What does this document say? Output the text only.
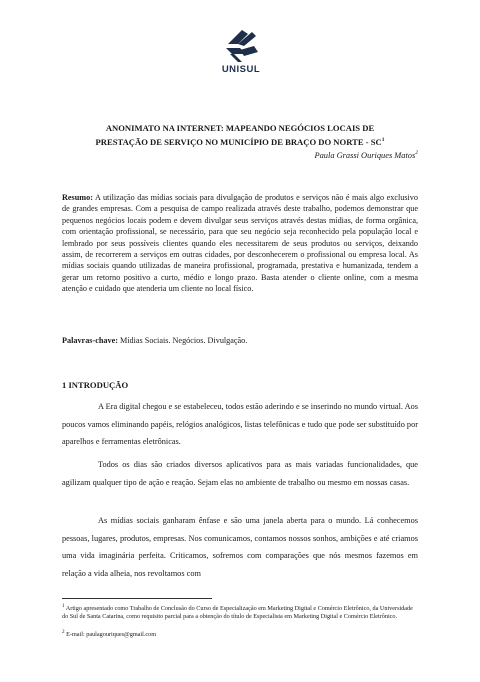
UNISUL
ANONIMATO NA INTERNET: MAPEANDO NEGÓCIOS LOCAIS DE
PRESTAÇÃO DE SERVIÇO NO MUNICÍPIO DE BRAÇO DO NORTE - $SC^1$
Paula Grassi Ouriques Matos$^2$
Resumo: A utilização das mídias sociais para divulgação de produtos e serviços não é mais algo exclusivo de grandes empresas. Com a pesquisa de campo realizada através deste trabalho, podemos demonstrar que pequenos negócios locais podem e devem divulgar seus serviços através destas mídias, de forma orgânica, com orientação profissional, se necessário, para que seu negócio seja reconhecido pela população local e lembrado por seus possíveis clientes quando eles necessitarem de seus produtos ou serviços, deixando assim, de recorrerem a serviços em outras cidades, por desconhecerem o profissional ou empresa local. As mídias sociais quando utilizadas de maneira profissional, programada, prestativa e humanizada, tendem a gerar um retorno positivo a curto, médio e longo prazo. Basta atender o cliente online, com a mesma atenção e cuidado que atenderia um cliente no local físico.
Palavras-chave: Mídias Sociais. Negócios. Divulgação.
1 INTRODUÇÃO
A Era digital chegou e se estabeleceu, todos estão aderindo e se inserindo no mundo virtual. Aos poucos vamos eliminando papéis, relógios analógicos, listas telefônicas e tudo que pode ser substituído por aparelhos e ferramentas eletrônicas.
Todos os dias são criados diversos aplicativos para as mais variadas funcionalidades, que agilizam qualquer tipo de ação e reação. Sejam elas no ambiente de trabalho ou mesmo em nossas casas.
As mídias sociais ganharam ênfase e são uma janela aberta para o mundo. Lá conhecemos pessoas, lugares, produtos, empresas. Nos comunicamos, contamos nossos sonhos, ambições e até criamos uma vida imaginária perfeita. Criticamos, sofremos com comparações que nós mesmos fazemos em relação a vida alheia, nos revoltamos com
$^1$ Artigo apresentado como Trabalho de Conclusão do Curso de Especialização em Marketing Digital e Comércio Eletrônico, da Universidade do Sul de Santa Catarina, como requisito parcial para a obtenção do título de Especialista em Marketing Digital e Comércio Eletrônico.
$^2$ E-mail: paulagouriques@gmail.com
